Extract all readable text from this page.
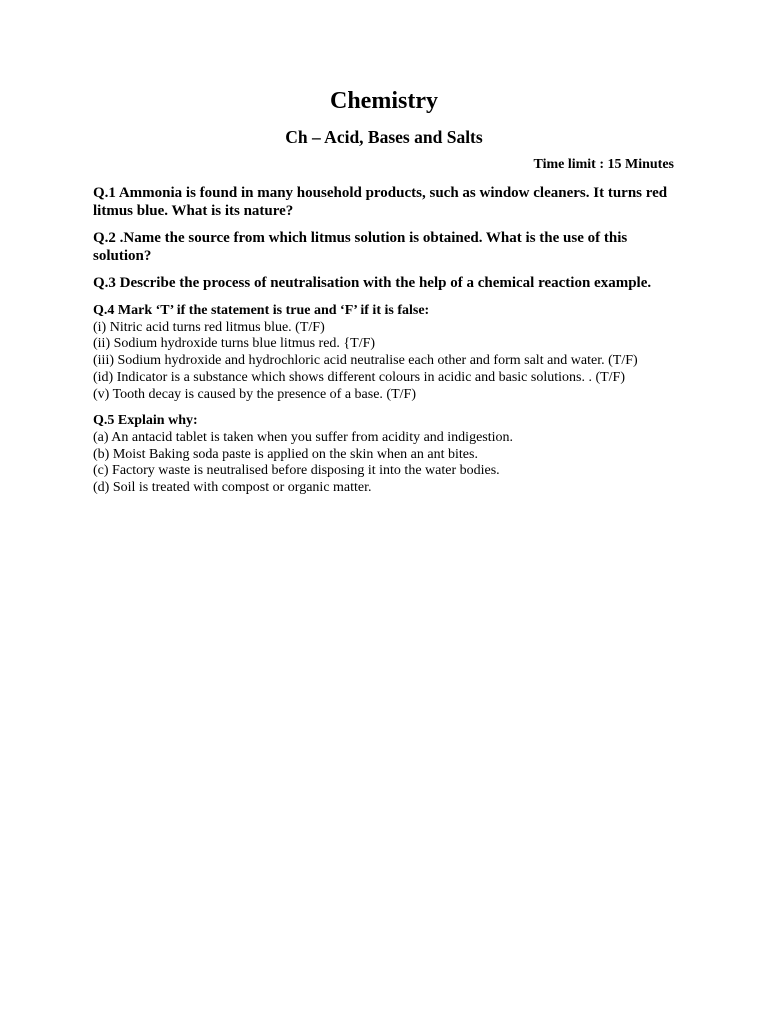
Chemistry
Ch – Acid, Bases and Salts
Time limit : 15 Minutes

Q.1 Ammonia is found in many household products, such as window cleaners. It turns red litmus blue. What is its nature?

Q.2 .Name the source from which litmus solution is obtained. What is the use of this solution?

Q.3 Describe the process of neutralisation with the help of a chemical reaction example.

Q.4 Mark ‘T’ if the statement is true and ‘F’ if it is false:

(i) Nitric acid turns red litmus blue. (T/F)

(ii) Sodium hydroxide turns blue litmus red. {T/F)

(iii) Sodium hydroxide and hydrochloric acid neutralise each other and form salt and water. (T/F)

(id) Indicator is a substance which shows different colours in acidic and basic solutions. . (T/F)

(v) Tooth decay is caused by the presence of a base. (T/F)

Q.5 Explain why:

(a) An antacid tablet is taken when you suffer from acidity and indigestion.

(b) Moist Baking soda paste is applied on the skin when an ant bites.

(c) Factory waste is neutralised before disposing it into the water bodies.

(d) Soil is treated with compost or organic matter.
